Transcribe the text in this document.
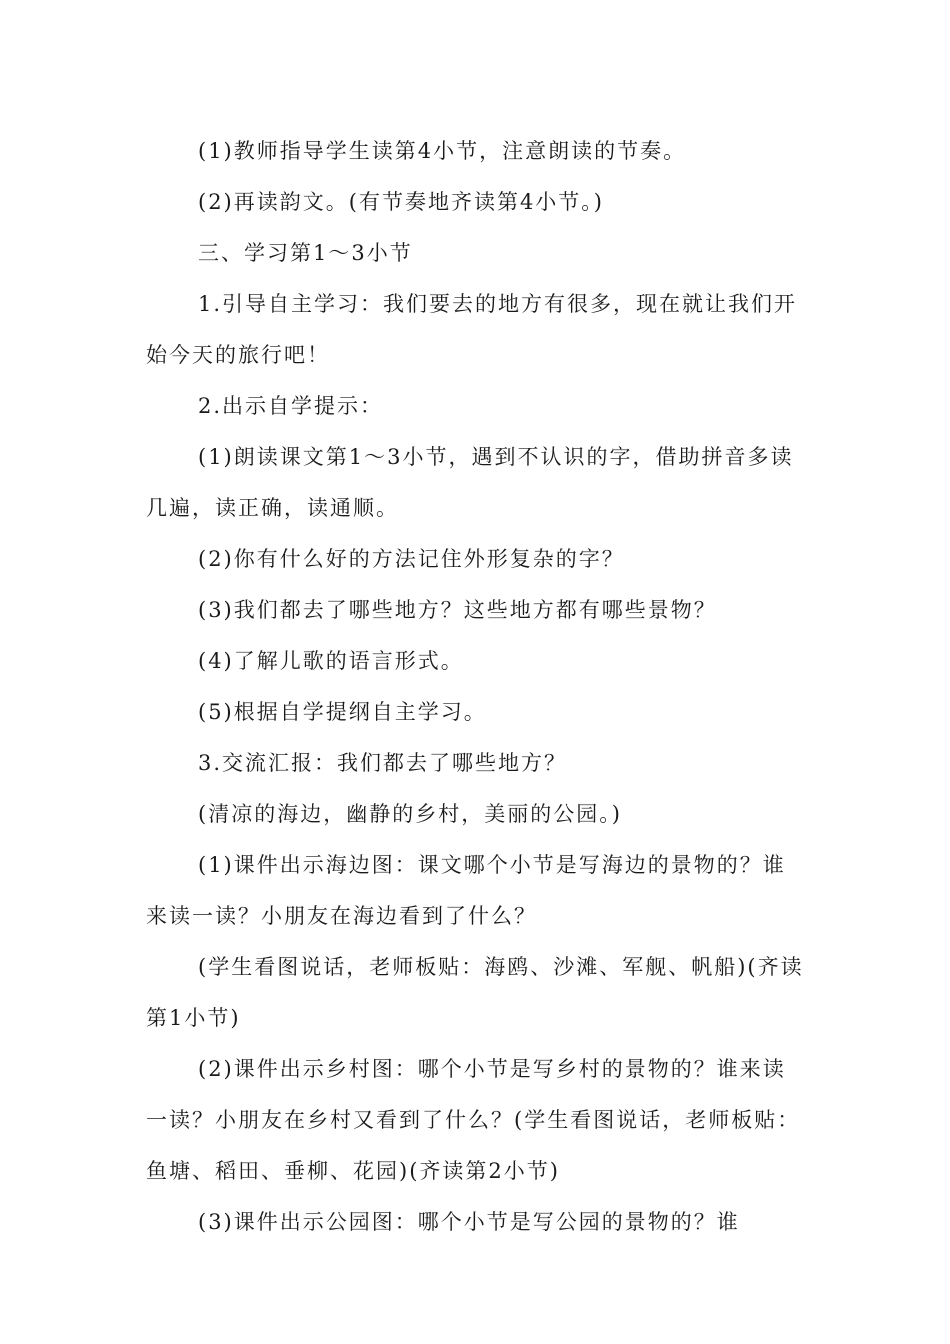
(1)教师指导学生读第4小节，注意朗读的节奏。

(2)再读韵文。(有节奏地齐读第4小节。)

三、学习第1～3小节

1.引导自主学习：我们要去的地方有很多，现在就让我们开始今天的旅行吧！

2.出示自学提示：

(1)朗读课文第1～3小节，遇到不认识的字，借助拼音多读几遍，读正确，读通顺。

(2)你有什么好的方法记住外形复杂的字？

(3)我们都去了哪些地方？这些地方都有哪些景物？

(4)了解儿歌的语言形式。

(5)根据自学提纲自主学习。

3.交流汇报：我们都去了哪些地方？

(清凉的海边，幽静的乡村，美丽的公园。)

(1)课件出示海边图：课文哪个小节是写海边的景物的？谁来读一读？小朋友在海边看到了什么？

(学生看图说话，老师板贴：海鸥、沙滩、军舰、帆船)(齐读第1小节)

(2)课件出示乡村图：哪个小节是写乡村的景物的？谁来读一读？小朋友在乡村又看到了什么？(学生看图说话，老师板贴：鱼塘、稻田、垂柳、花园)(齐读第2小节)

(3)课件出示公园图：哪个小节是写公园的景物的？谁
